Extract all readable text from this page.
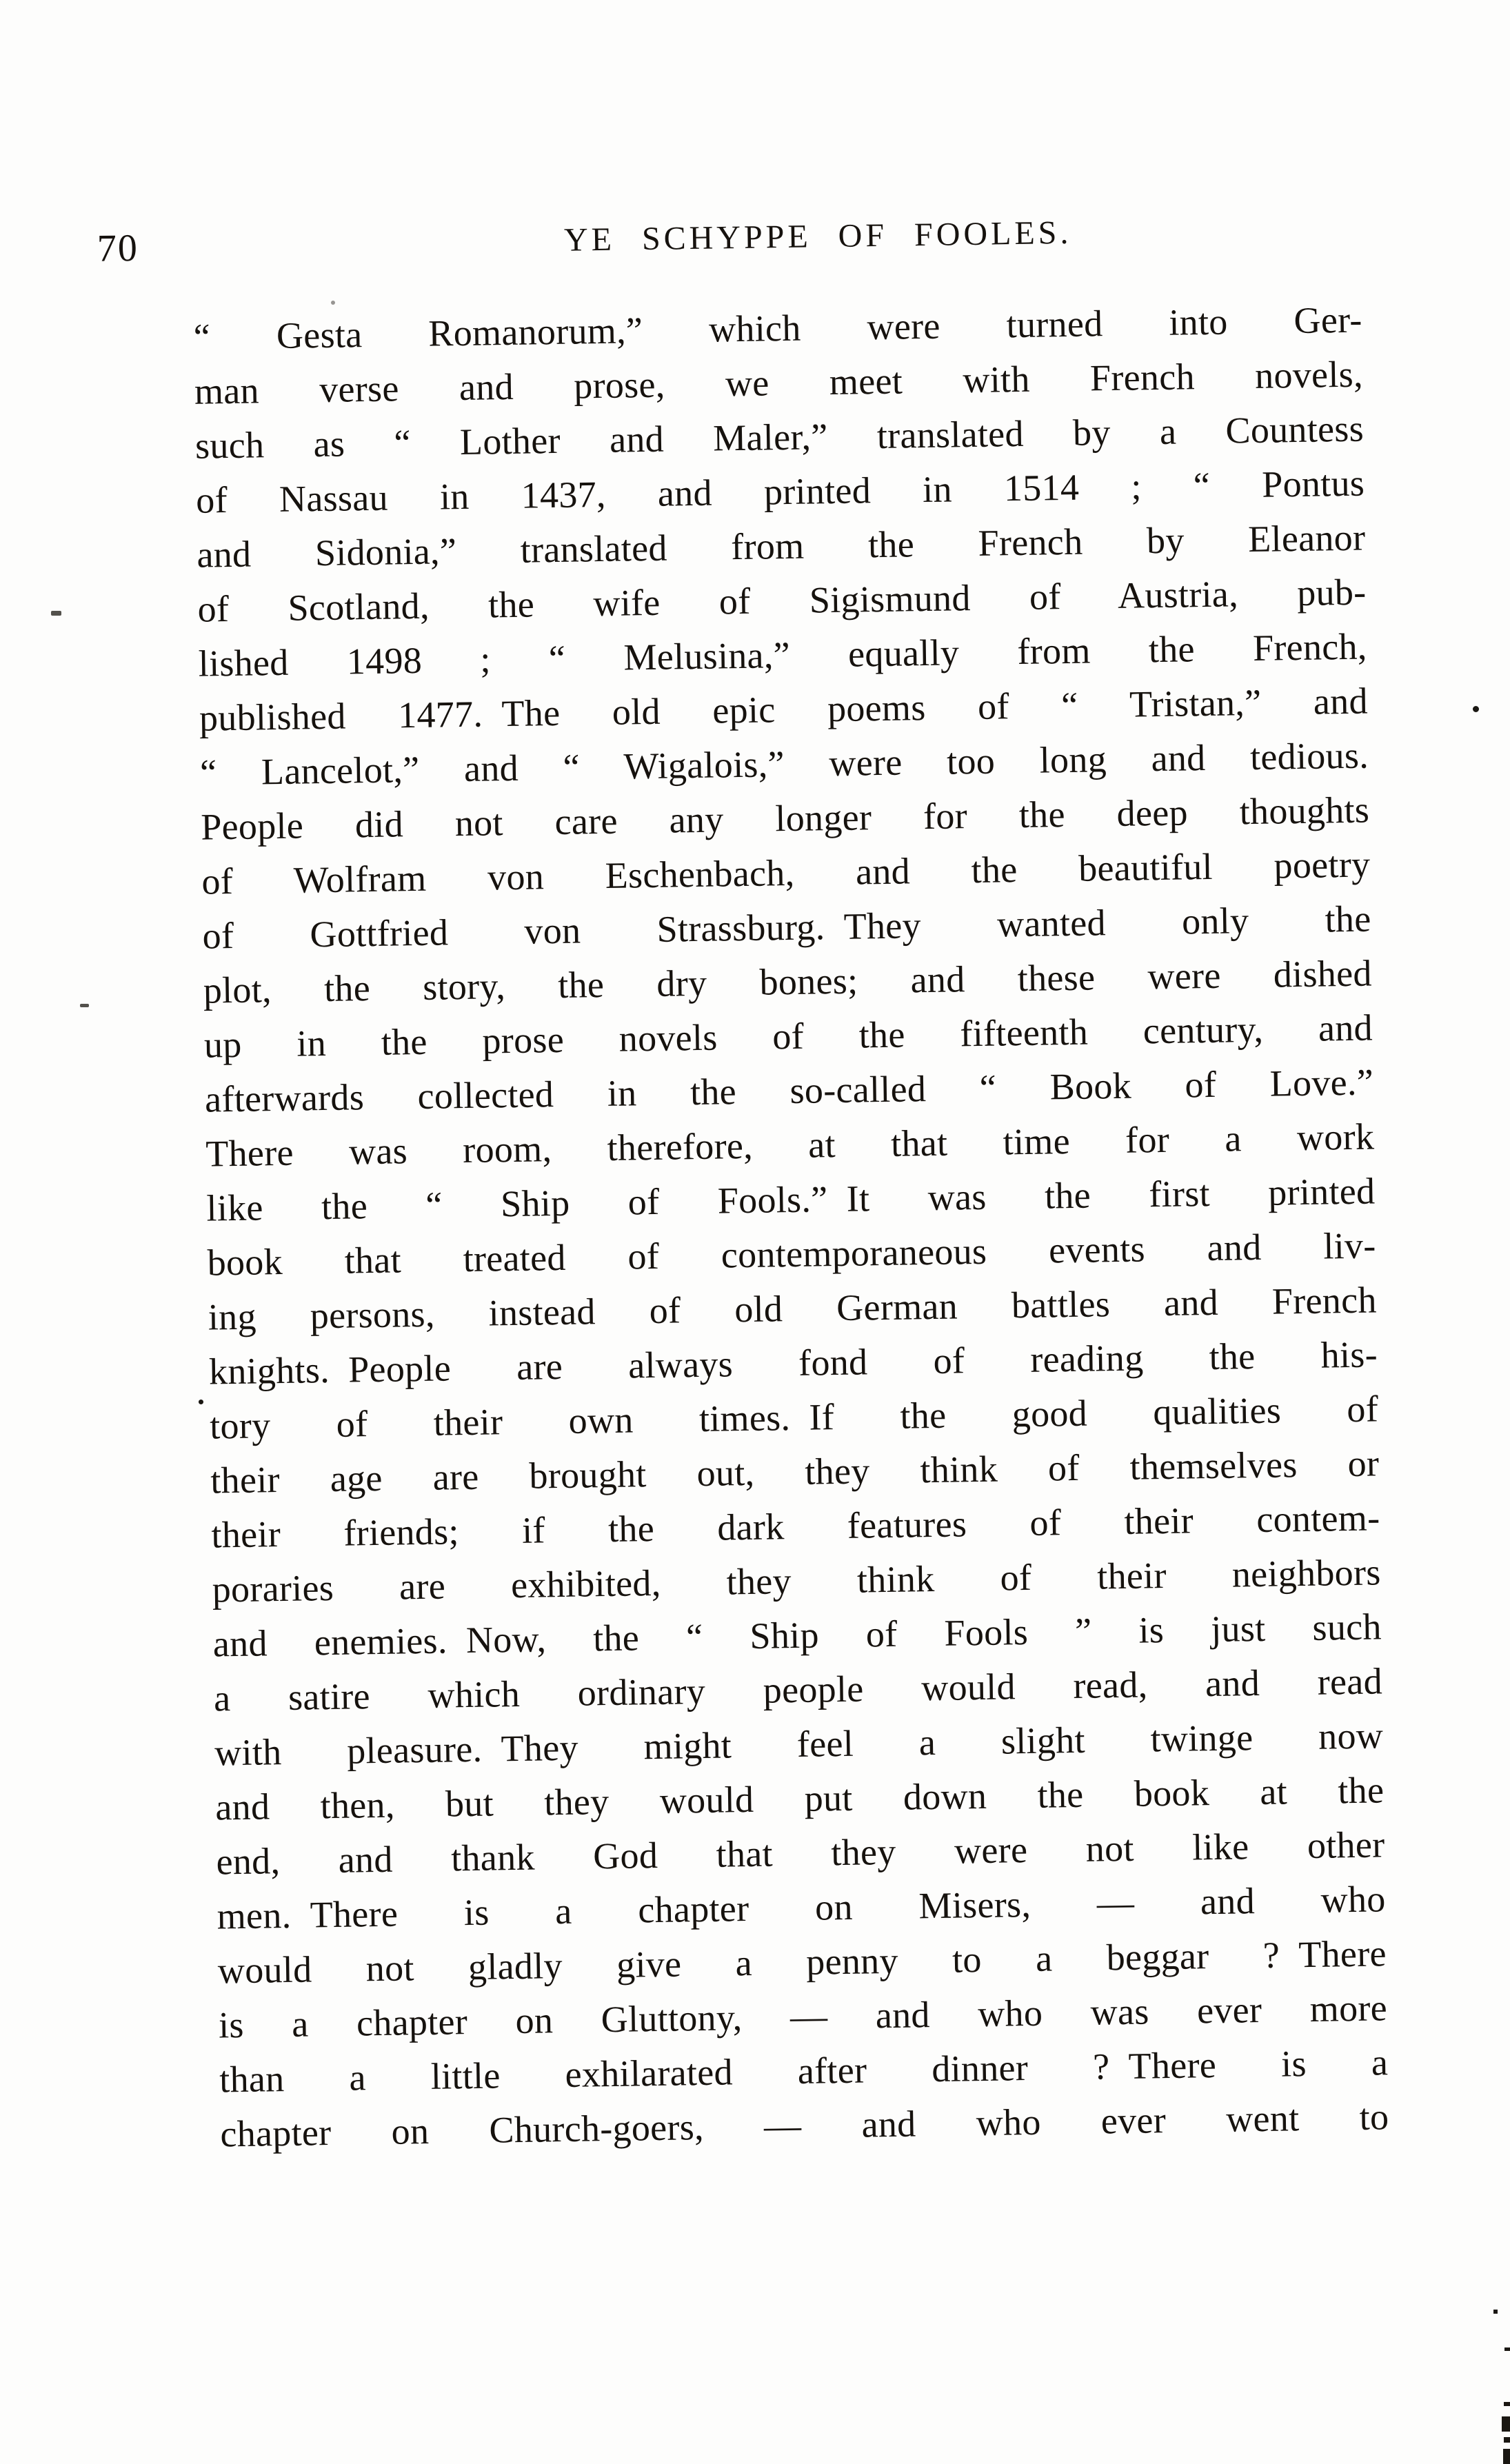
70	YE SCHYPPE OF FOOLES.
“ Gesta Romanorum,” which were turned into Ger-
man verse and prose, we meet with French novels,
such as “ Lother and Maler,” translated by a Countess
of Nassau in 1437, and printed in 1514 ; “ Pontus
and Sidonia,” translated from the French by Eleanor
of Scotland, the wife of Sigismund of Austria, pub-
lished 1498 ; “ Melusina,” equally from the French,
published 1477. The old epic poems of “ Tristan,” and
“ Lancelot,” and “ Wigalois,” were too long and tedious.
People did not care any longer for the deep thoughts
of Wolfram von Eschenbach, and the beautiful poetry
of Gottfried von Strassburg. They wanted only the
plot, the story, the dry bones; and these were dished
up in the prose novels of the fifteenth century, and
afterwards collected in the so-called “ Book of Love.”
There was room, therefore, at that time for a work
like the “ Ship of Fools.” It was the first printed
book that treated of contemporaneous events and liv-
ing persons, instead of old German battles and French
knights. People are always fond of reading the his-
tory of their own times. If the good qualities of
their age are brought out, they think of themselves or
their friends; if the dark features of their contem-
poraries are exhibited, they think of their neighbors
and enemies. Now, the “ Ship of Fools ” is just such
a satire which ordinary people would read, and read
with pleasure. They might feel a slight twinge now
and then, but they would put down the book at the
end, and thank God that they were not like other
men. There is a chapter on Misers, — and who
would not gladly give a penny to a beggar ? There
is a chapter on Gluttony, — and who was ever more
than a little exhilarated after dinner ? There is a
chapter on Church-goers, — and who ever went to
